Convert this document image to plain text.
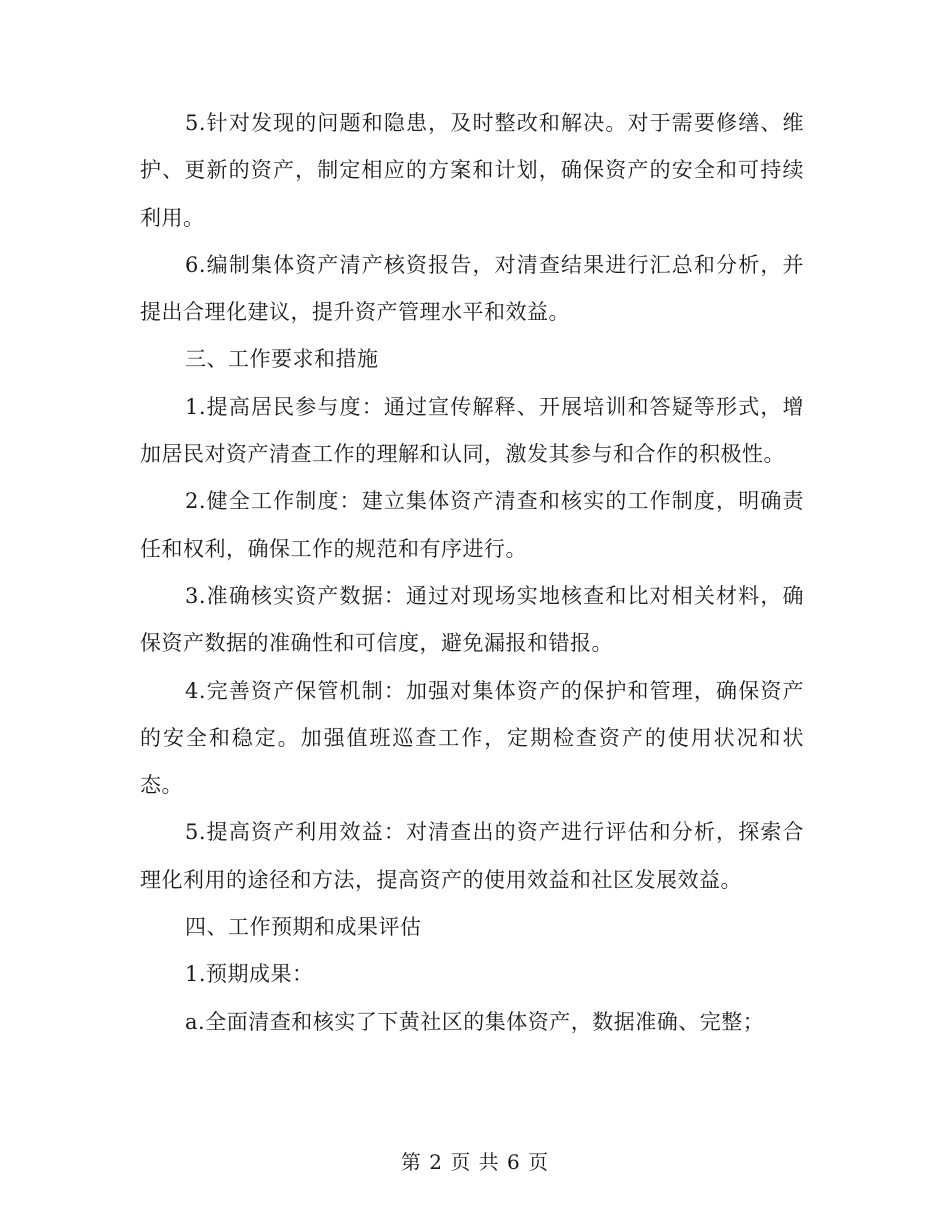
5.针对发现的问题和隐患，及时整改和解决。对于需要修缮、维护、更新的资产，制定相应的方案和计划，确保资产的安全和可持续利用。

6.编制集体资产清产核资报告，对清查结果进行汇总和分析，并提出合理化建议，提升资产管理水平和效益。

三、工作要求和措施

1.提高居民参与度：通过宣传解释、开展培训和答疑等形式，增加居民对资产清查工作的理解和认同，激发其参与和合作的积极性。

2.健全工作制度：建立集体资产清查和核实的工作制度，明确责任和权利，确保工作的规范和有序进行。

3.准确核实资产数据：通过对现场实地核查和比对相关材料，确保资产数据的准确性和可信度，避免漏报和错报。

4.完善资产保管机制：加强对集体资产的保护和管理，确保资产的安全和稳定。加强值班巡查工作，定期检查资产的使用状况和状态。

5.提高资产利用效益：对清查出的资产进行评估和分析，探索合理化利用的途径和方法，提高资产的使用效益和社区发展效益。

四、工作预期和成果评估

1.预期成果：

a.全面清查和核实了下黄社区的集体资产，数据准确、完整；

第 2 页 共 6 页
